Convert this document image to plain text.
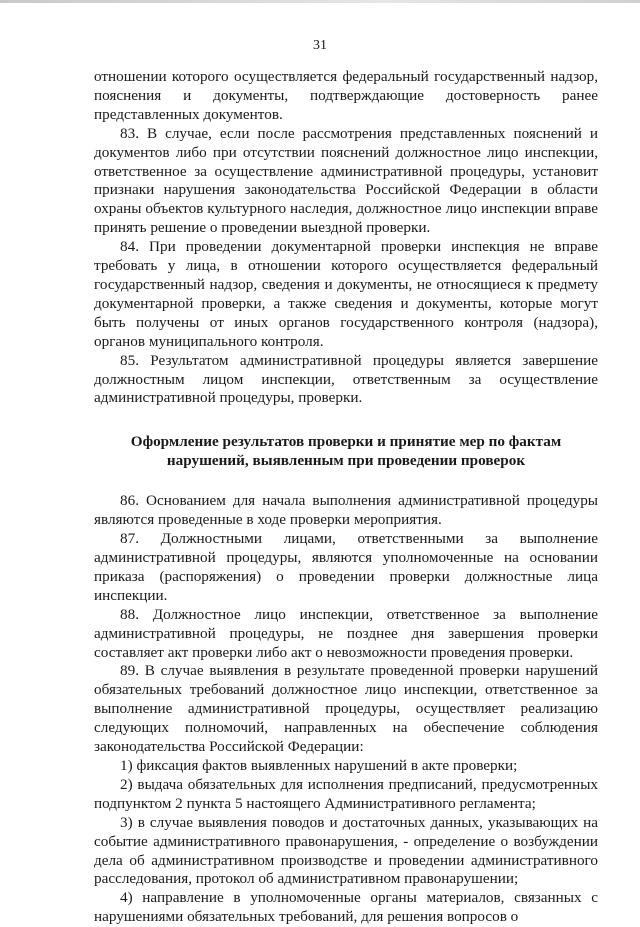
31

отношении которого осуществляется федеральный государственный надзор, пояснения и документы, подтверждающие достоверность ранее представленных документов.

83. В случае, если после рассмотрения представленных пояснений и документов либо при отсутствии пояснений должностное лицо инспекции, ответственное за осуществление административной процедуры, установит признаки нарушения законодательства Российской Федерации в области охраны объектов культурного наследия, должностное лицо инспекции вправе принять решение о проведении выездной проверки.

84. При проведении документарной проверки инспекция не вправе требовать у лица, в отношении которого осуществляется федеральный государственный надзор, сведения и документы, не относящиеся к предмету документарной проверки, а также сведения и документы, которые могут быть получены от иных органов государственного контроля (надзора), органов муниципального контроля.

85. Результатом административной процедуры является завершение должностным лицом инспекции, ответственным за осуществление административной процедуры, проверки.

Оформление результатов проверки и принятие мер по фактам
нарушений, выявленным при проведении проверок

86. Основанием для начала выполнения административной процедуры являются проведенные в ходе проверки мероприятия.

87. Должностными лицами, ответственными за выполнение административной процедуры, являются уполномоченные на основании приказа (распоряжения) о проведении проверки должностные лица инспекции.

88. Должностное лицо инспекции, ответственное за выполнение административной процедуры, не позднее дня завершения проверки составляет акт проверки либо акт о невозможности проведения проверки.

89. В случае выявления в результате проведенной проверки нарушений обязательных требований должностное лицо инспекции, ответственное за выполнение административной процедуры, осуществляет реализацию следующих полномочий, направленных на обеспечение соблюдения законодательства Российской Федерации:

1) фиксация фактов выявленных нарушений в акте проверки;

2) выдача обязательных для исполнения предписаний, предусмотренных подпунктом 2 пункта 5 настоящего Административного регламента;

3) в случае выявления поводов и достаточных данных, указывающих на событие административного правонарушения, - определение о возбуждении дела об административном производстве и проведении административного расследования, протокол об административном правонарушении;

4) направление в уполномоченные органы материалов, связанных с нарушениями обязательных требований, для решения вопросов о
